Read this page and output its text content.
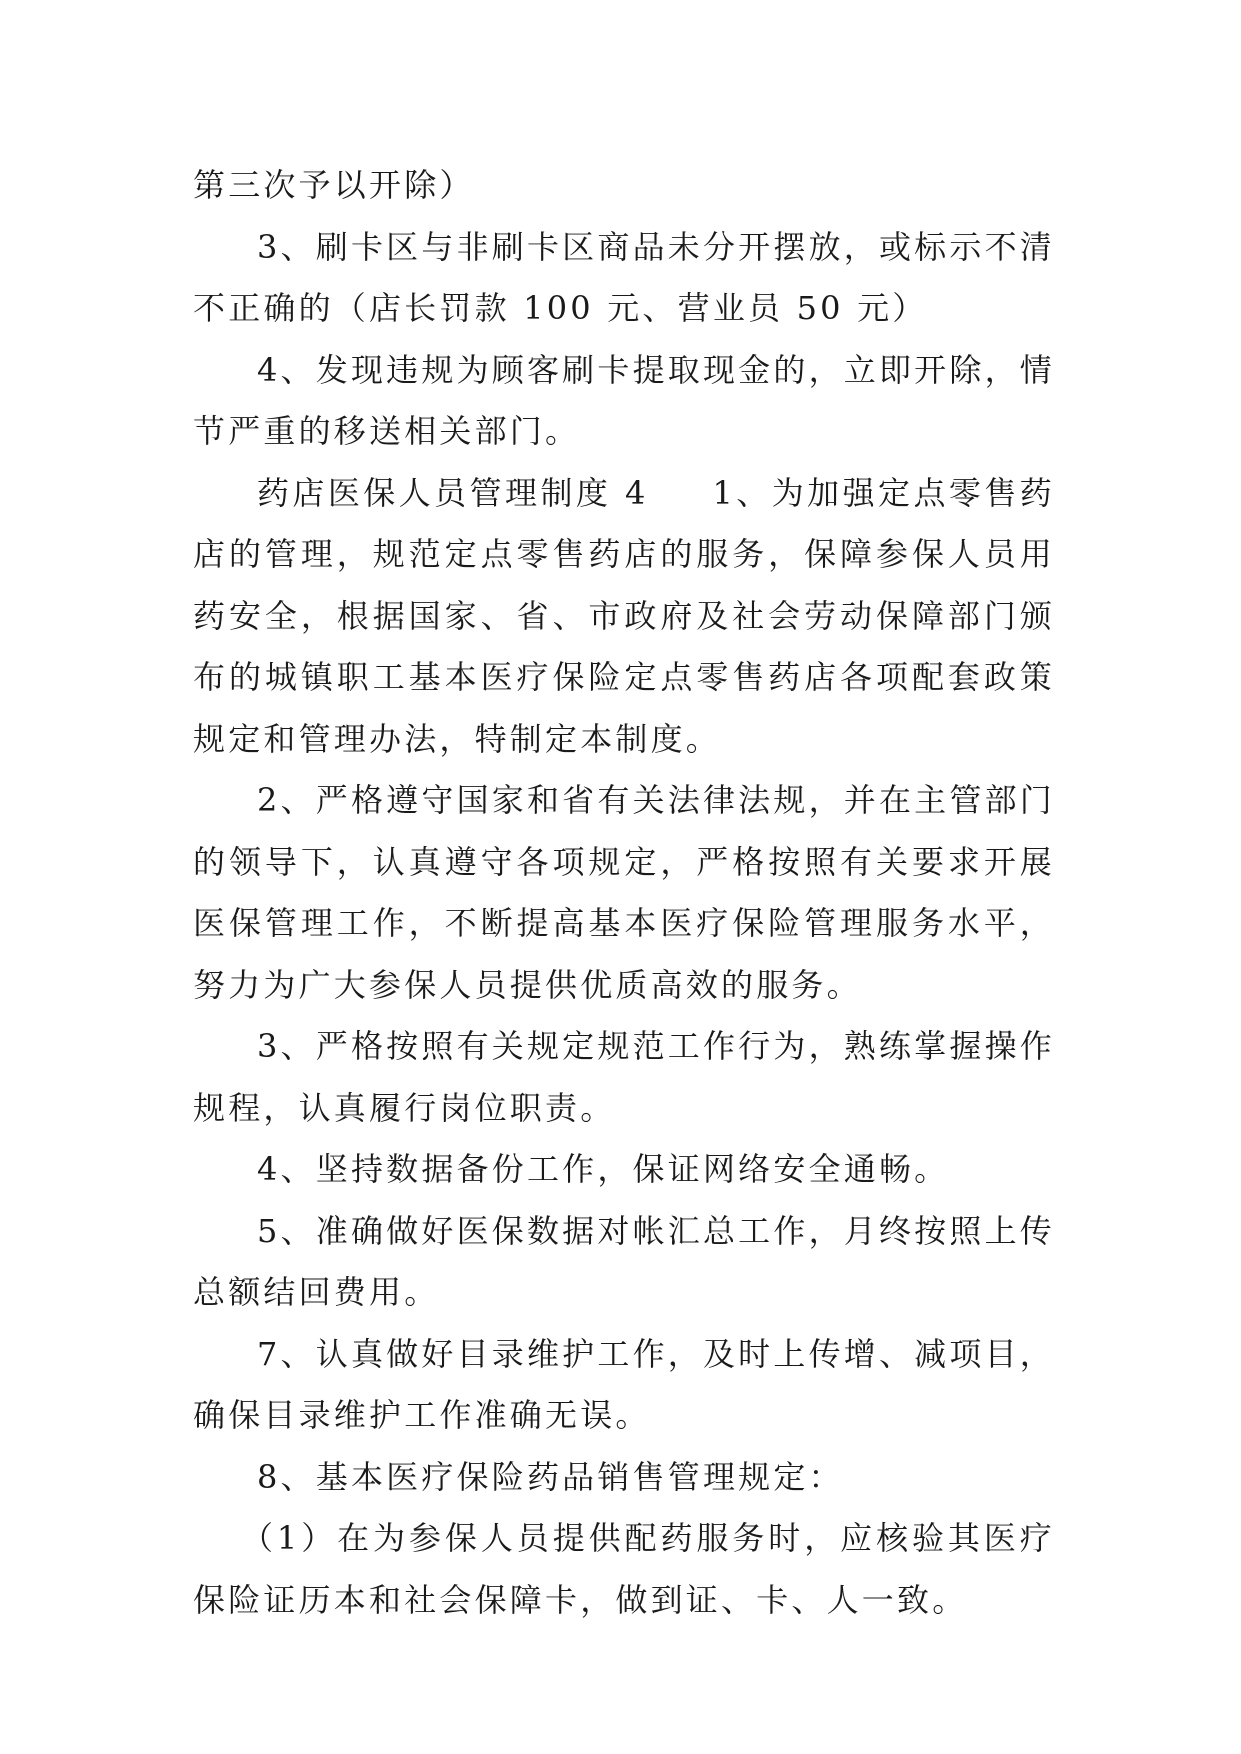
第三次予以开除）

3、刷卡区与非刷卡区商品未分开摆放，或标示不清不正确的（店长罚款 100 元、营业员 50 元）

4、发现违规为顾客刷卡提取现金的，立即开除，情节严重的移送相关部门。

药店医保人员管理制度 4 1、为加强定点零售药店的管理，规范定点零售药店的服务，保障参保人员用药安全，根据国家、省、市政府及社会劳动保障部门颁布的城镇职工基本医疗保险定点零售药店各项配套政策规定和管理办法，特制定本制度。

2、严格遵守国家和省有关法律法规，并在主管部门的领导下，认真遵守各项规定，严格按照有关要求开展医保管理工作，不断提高基本医疗保险管理服务水平，努力为广大参保人员提供优质高效的服务。

3、严格按照有关规定规范工作行为，熟练掌握操作规程，认真履行岗位职责。

4、坚持数据备份工作，保证网络安全通畅。

5、准确做好医保数据对帐汇总工作，月终按照上传总额结回费用。

7、认真做好目录维护工作，及时上传增、减项目，确保目录维护工作准确无误。

8、基本医疗保险药品销售管理规定：

（1）在为参保人员提供配药服务时，应核验其医疗保险证历本和社会保障卡，做到证、卡、人一致。
